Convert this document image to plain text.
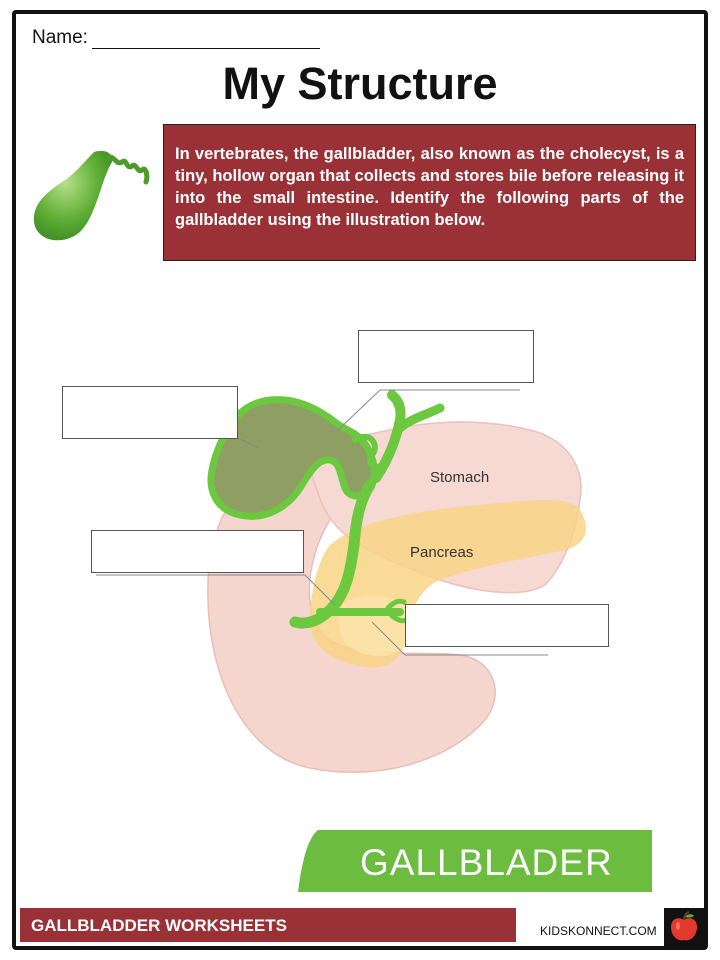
Name:
My Structure
In vertebrates, the gallbladder, also known as the cholecyst, is a tiny, hollow organ that collects and stores bile before releasing it into the small intestine. Identify the following parts of the gallbladder using the illustration below.
Stomach
Pancreas
GALLBLADER
GALLBLADDER WORKSHEETS	KIDSKONNECT.COM
